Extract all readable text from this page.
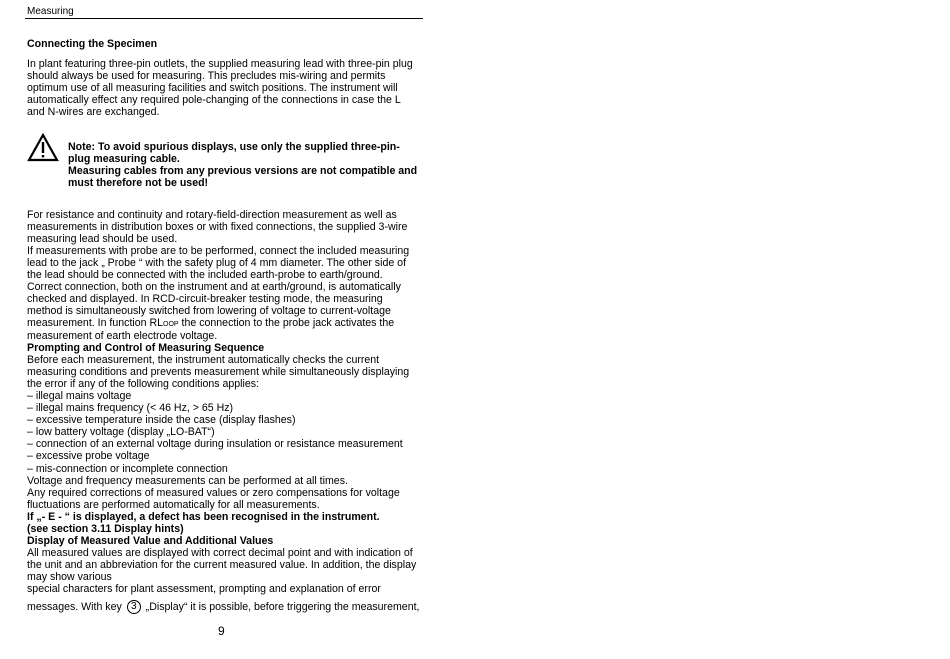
Measuring
Connecting the Specimen
In plant featuring three-pin outlets, the supplied measuring lead with three-pin plug
should always be used for measuring. This precludes mis-wiring and permits
optimum use of all measuring facilities and switch positions. The instrument will
automatically effect any required pole-changing of the connections in case the L
and N-wires are exchanged.
Note: To avoid spurious displays, use only the supplied three-pin-
plug measuring cable.
Measuring cables from any previous versions are not compatible and
must therefore not be used!
For resistance and continuity and rotary-field-direction measurement as well as
measurements in distribution boxes or with fixed connections, the supplied 3-wire
measuring lead should be used.
If measurements with probe are to be performed, connect the included measuring
lead to the jack „ Probe “ with the safety plug of 4 mm diameter. The other side of
the lead should be connected with the included earth-probe to earth/ground.
Correct connection, both on the instrument and at earth/ground, is automatically
checked and displayed. In RCD-circuit-breaker testing mode, the measuring
method is simultaneously switched from lowering of voltage to current-voltage
measurement. In function RLoop the connection to the probe jack activates the
measurement of earth electrode voltage.
Prompting and Control of Measuring Sequence
Before each measurement, the instrument automatically checks the current
measuring conditions and prevents measurement while simultaneously displaying
the error if any of the following conditions applies:
– illegal mains voltage
– illegal mains frequency (< 46 Hz, > 65 Hz)
– excessive temperature inside the case (display flashes)
– low battery voltage (display „LO-BAT“)
– connection of an external voltage during insulation or resistance measurement
– excessive probe voltage
– mis-connection or incomplete connection
Voltage and frequency measurements can be performed at all times.
Any required corrections of measured values or zero compensations for voltage
fluctuations are performed automatically for all measurements.
If „- E - “ is displayed, a defect has been recognised in the instrument.
(see section 3.11 Display hints)
Display of Measured Value and Additional Values
All measured values are displayed with correct decimal point and with indication of
the unit and an abbreviation for the current measured value. In addition, the display
may show various
special characters for plant assessment, prompting and explanation of error
messages. With key 3 „Display“ it is possible, before triggering the measurement,
9
